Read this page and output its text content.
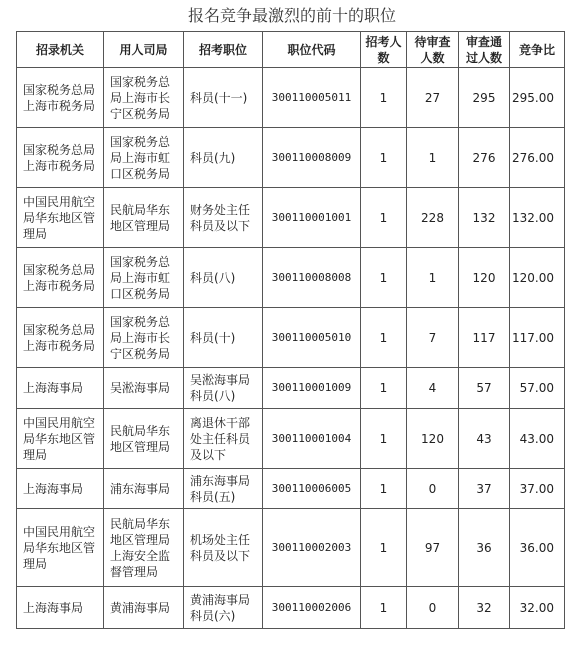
报名竞争最激烈的前十的职位
招录机关	用人司局	招考职位	职位代码	招考人数	待审查人数	审查通过人数	竞争比
国家税务总局上海市税务局	国家税务总局上海市长宁区税务局	科员(十一)	300110005011	1	27	295	295.00
国家税务总局上海市税务局	国家税务总局上海市虹口区税务局	科员(九)	300110008009	1	1	276	276.00
中国民用航空局华东地区管理局	民航局华东地区管理局	财务处主任科员及以下	300110001001	1	228	132	132.00
国家税务总局上海市税务局	国家税务总局上海市虹口区税务局	科员(八)	300110008008	1	1	120	120.00
国家税务总局上海市税务局	国家税务总局上海市长宁区税务局	科员(十)	300110005010	1	7	117	117.00
上海海事局	吴淞海事局	吴淞海事局科员(八)	300110001009	1	4	57	57.00
中国民用航空局华东地区管理局	民航局华东地区管理局	离退休干部处主任科员及以下	300110001004	1	120	43	43.00
上海海事局	浦东海事局	浦东海事局科员(五)	300110006005	1	0	37	37.00
中国民用航空局华东地区管理局	民航局华东地区管理局上海安全监督管理局	机场处主任科员及以下	300110002003	1	97	36	36.00
上海海事局	黄浦海事局	黄浦海事局科员(六)	300110002006	1	0	32	32.00
